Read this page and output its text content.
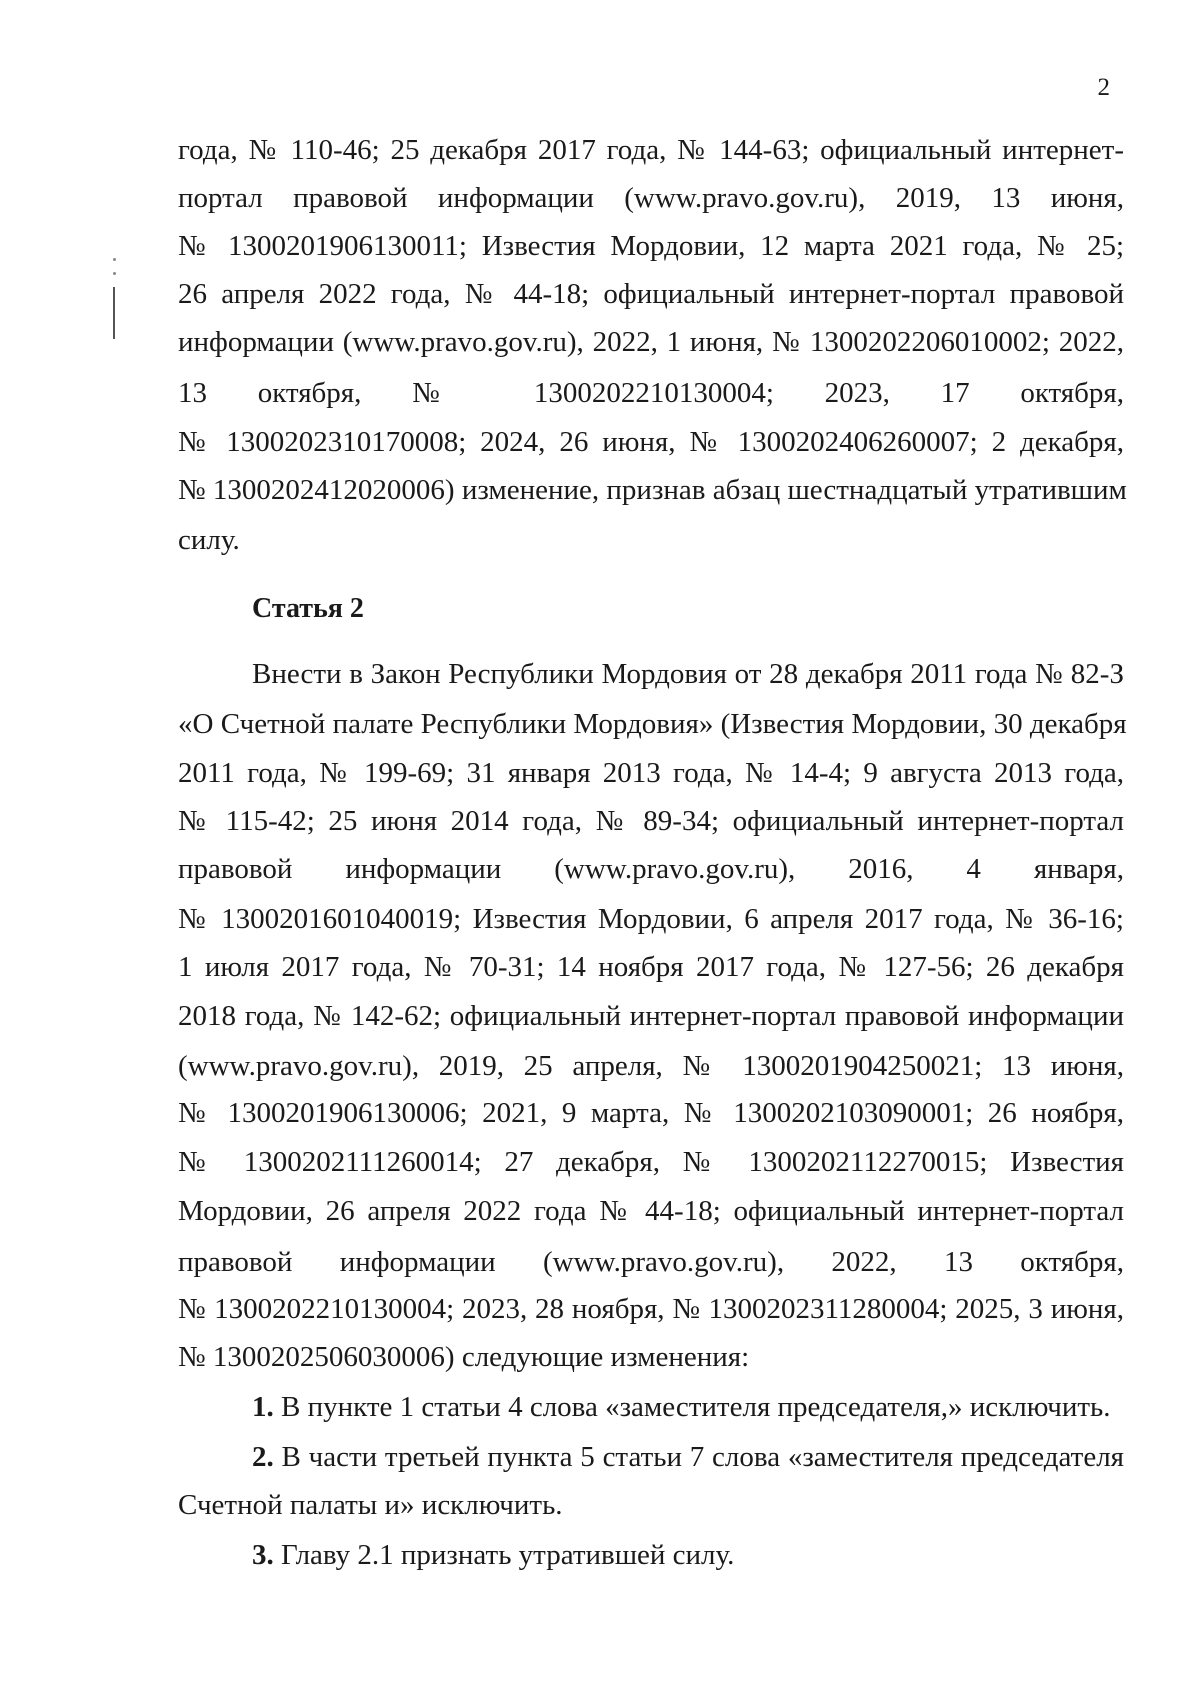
2
года, № 110-46; 25 декабря 2017 года, № 144-63; официальный интернет-
портал правовой информации (www.pravo.gov.ru), 2019, 13 июня,
№ 1300201906130011; Известия Мордовии, 12 марта 2021 года, № 25;
26 апреля 2022 года, № 44-18; официальный интернет-портал правовой
информации (www.pravo.gov.ru), 2022, 1 июня, № 1300202206010002; 2022,
13 октября, № 1300202210130004; 2023, 17 октября,
№ 1300202310170008; 2024, 26 июня, № 1300202406260007; 2 декабря,
№ 1300202412020006) изменение, признав абзац шестнадцатый утратившим
силу.
Статья 2
Внести в Закон Республики Мордовия от 28 декабря 2011 года № 82-З
«О Счетной палате Республики Мордовия» (Известия Мордовии, 30 декабря
2011 года, № 199-69; 31 января 2013 года, № 14-4; 9 августа 2013 года,
№ 115-42; 25 июня 2014 года, № 89-34; официальный интернет-портал
правовой информации (www.pravo.gov.ru), 2016, 4 января,
№ 1300201601040019; Известия Мордовии, 6 апреля 2017 года, № 36-16;
1 июля 2017 года, № 70-31; 14 ноября 2017 года, № 127-56; 26 декабря
2018 года, № 142-62; официальный интернет-портал правовой информации
(www.pravo.gov.ru), 2019, 25 апреля, № 1300201904250021; 13 июня,
№ 1300201906130006; 2021, 9 марта, № 1300202103090001; 26 ноября,
№ 1300202111260014; 27 декабря, № 1300202112270015; Известия
Мордовии, 26 апреля 2022 года № 44-18; официальный интернет-портал
правовой информации (www.pravo.gov.ru), 2022, 13 октября,
№ 1300202210130004; 2023, 28 ноября, № 1300202311280004; 2025, 3 июня,
№ 1300202506030006) следующие изменения:
1. В пункте 1 статьи 4 слова «заместителя председателя,» исключить.
2. В части третьей пункта 5 статьи 7 слова «заместителя председателя
Счетной палаты и» исключить.
3. Главу 2.1 признать утратившей силу.
